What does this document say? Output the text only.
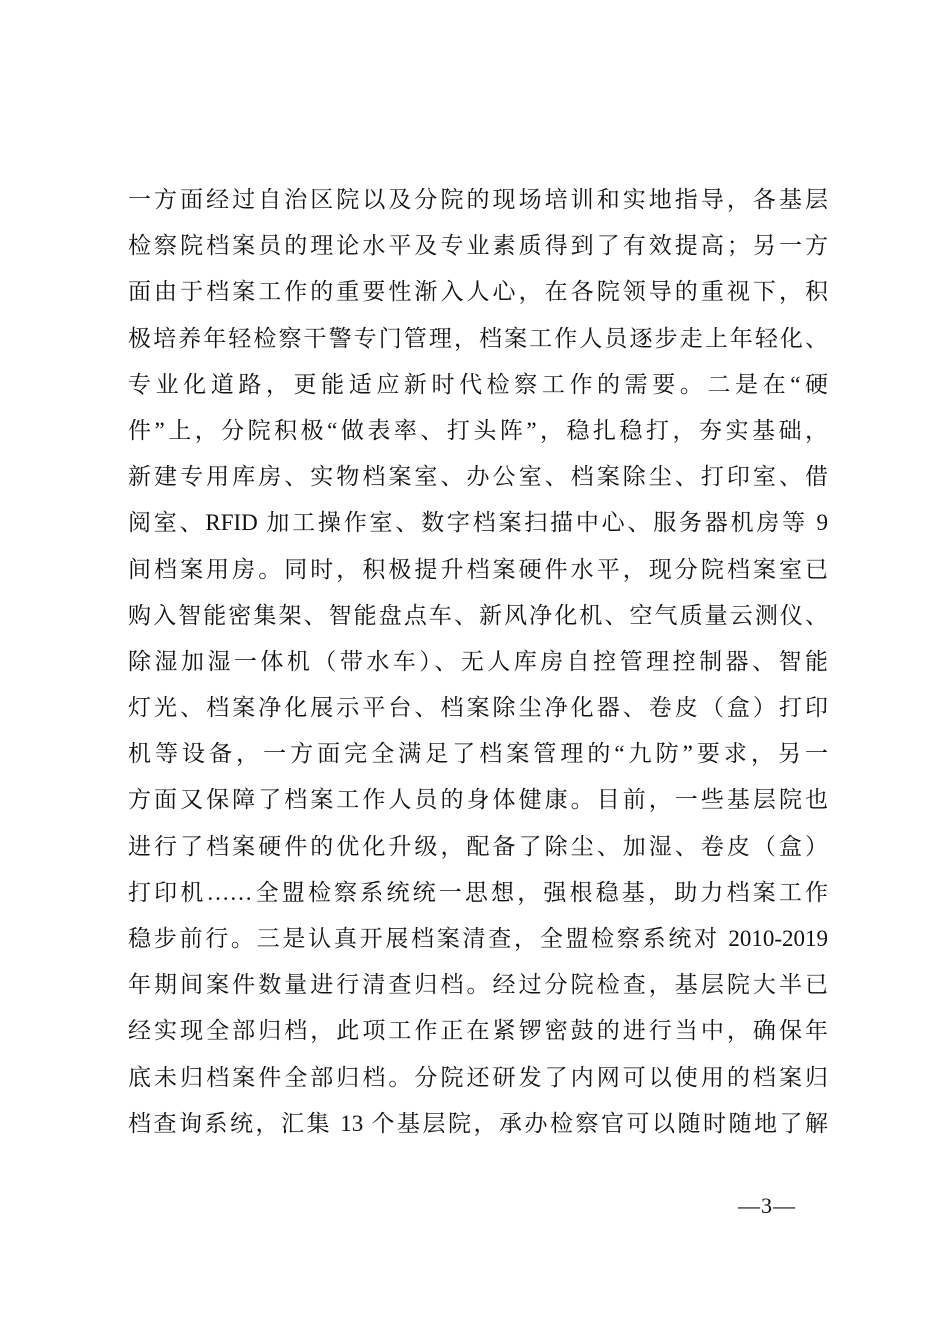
一方面经过自治区院以及分院的现场培训和实地指导，各基层
检察院档案员的理论水平及专业素质得到了有效提高；另一方
面由于档案工作的重要性渐入人心，在各院领导的重视下，积
极培养年轻检察干警专门管理，档案工作人员逐步走上年轻化、
专业化道路，更能适应新时代检察工作的需要。二是在“硬
件”上，分院积极“做表率、打头阵”，稳扎稳打，夯实基础，
新建专用库房、实物档案室、办公室、档案除尘、打印室、借
阅室、RFID 加工操作室、数字档案扫描中心、服务器机房等 9
间档案用房。同时，积极提升档案硬件水平，现分院档案室已
购入智能密集架、智能盘点车、新风净化机、空气质量云测仪、
除湿加湿一体机（带水车）、无人库房自控管理控制器、智能
灯光、档案净化展示平台、档案除尘净化器、卷皮（盒）打印
机等设备，一方面完全满足了档案管理的“九防”要求，另一
方面又保障了档案工作人员的身体健康。目前，一些基层院也
进行了档案硬件的优化升级，配备了除尘、加湿、卷皮（盒）
打印机……全盟检察系统统一思想，强根稳基，助力档案工作
稳步前行。三是认真开展档案清查，全盟检察系统对 2010-2019
年期间案件数量进行清查归档。经过分院检查，基层院大半已
经实现全部归档，此项工作正在紧锣密鼓的进行当中，确保年
底未归档案件全部归档。分院还研发了内网可以使用的档案归
档查询系统，汇集 13 个基层院，承办检察官可以随时随地了解
—3—
